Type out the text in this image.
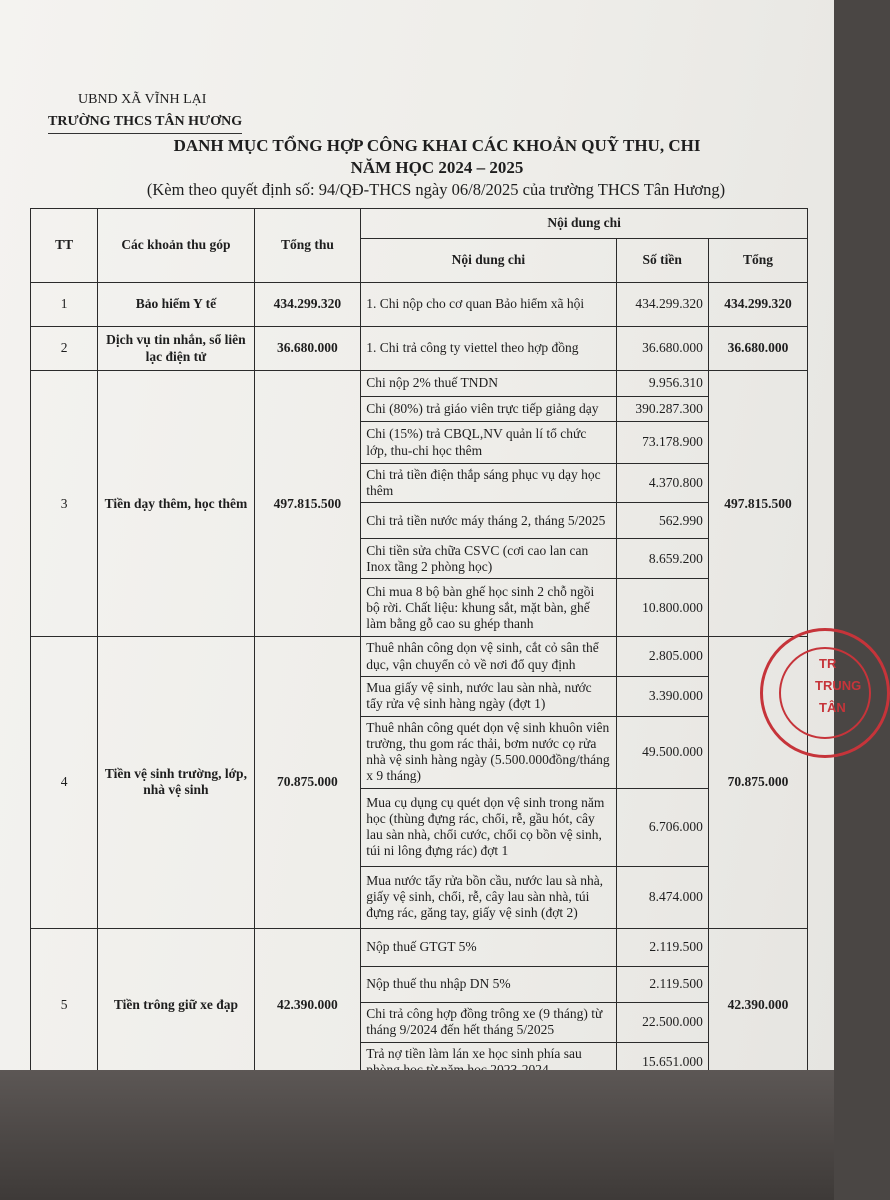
UBND XÃ VĨNH LẠI
TRƯỜNG THCS TÂN HƯƠNG
DANH MỤC TỔNG HỢP CÔNG KHAI CÁC KHOẢN QUỸ THU, CHI
NĂM HỌC 2024 – 2025
(Kèm theo quyết định số: 94/QĐ-THCS ngày 06/8/2025 của trường THCS Tân Hương)
TT	Các khoản thu góp	Tổng thu	Nội dung chi		
			Nội dung chi	Số tiền	Tổng
1	Bảo hiểm Y tế	434.299.320	1. Chi nộp cho cơ quan Bảo hiểm xã hội	434.299.320	434.299.320
2	Dịch vụ tin nhắn, sổ liên lạc điện tử	36.680.000	1. Chi trả công ty viettel theo hợp đồng	36.680.000	36.680.000
3	Tiền dạy thêm, học thêm	497.815.500	Chi nộp 2% thuế TNDN	9.956.310	497.815.500
			Chi (80%) trả giáo viên trực tiếp giảng dạy	390.287.300	
			Chi (15%) trả CBQL,NV quản lí tổ chức lớp, thu-chi học thêm	73.178.900	
			Chi trả tiền điện thắp sáng phục vụ dạy học thêm	4.370.800	
			Chi trả tiền nước máy tháng 2, tháng 5/2025	562.990	
			Chi tiền sửa chữa CSVC (cơi cao lan can Inox tầng 2 phòng học)	8.659.200	
			Chi mua 8 bộ bàn ghế học sinh 2 chỗ ngồi bộ rời. Chất liệu: khung sắt, mặt bàn, ghế làm bằng gỗ cao su ghép thanh	10.800.000	
4	Tiền vệ sinh trường, lớp, nhà vệ sinh	70.875.000	Thuê nhân công dọn vệ sinh, cắt cỏ sân thể dục, vận chuyển cỏ về nơi đổ quy định	2.805.000	70.875.000
			Mua giấy vệ sinh, nước lau sàn nhà, nước tẩy rửa vệ sinh hàng ngày (đợt 1)	3.390.000	
			Thuê nhân công quét dọn vệ sinh khuôn viên trường, thu gom rác thải, bơm nước cọ rửa nhà vệ sinh hàng ngày (5.500.000đồng/tháng x 9 tháng)	49.500.000	
			Mua cụ dụng cụ quét dọn vệ sinh trong năm học (thùng đựng rác, chổi, rễ, gầu hót, cây lau sàn nhà, chổi cước, chổi cọ bồn vệ sinh, túi ni lông đựng rác) đợt 1	6.706.000	
			Mua nước tẩy rửa bồn cầu, nước lau sà nhà, giấy vệ sinh, chổi, rễ, cây lau sàn nhà, túi đựng rác, găng tay, giấy vệ sinh (đợt 2)	8.474.000	
5	Tiền trông giữ xe đạp	42.390.000	Nộp thuế GTGT 5%	2.119.500	42.390.000
			Nộp thuế thu nhập DN 5%	2.119.500	
			Chi trả công hợp đồng trông xe (9 tháng) từ tháng 9/2024 đến hết tháng 5/2025	22.500.000	
			Trả nợ tiền làm lán xe học sinh phía sau	15.651.000	
TR
TRUNG
TÂN
